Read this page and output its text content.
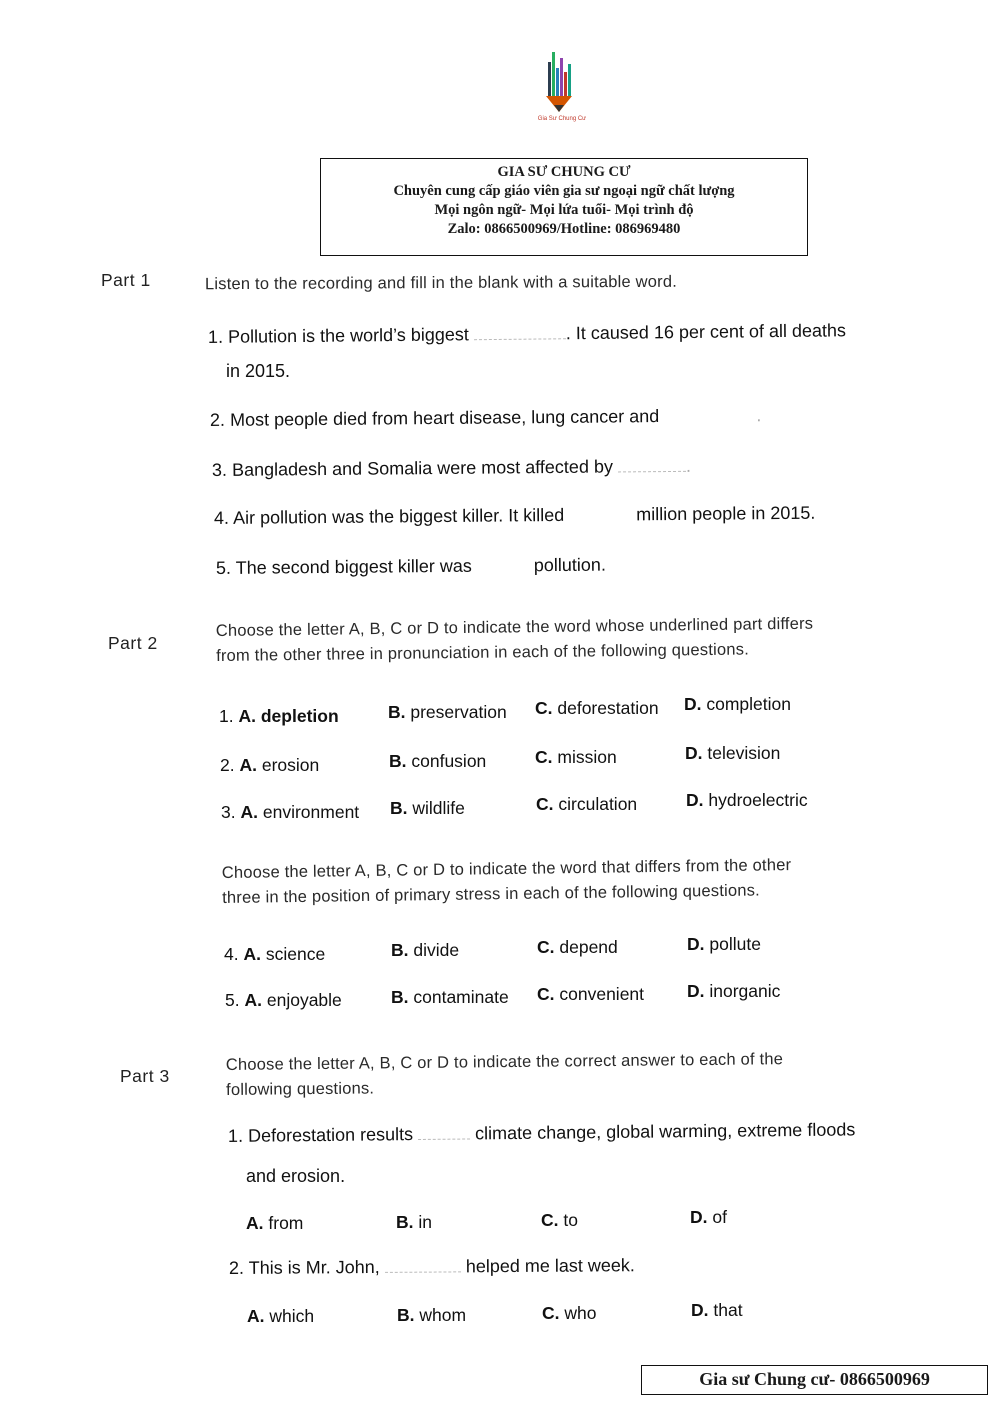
Gia Sư Chung Cư
GIA SƯ CHUNG CƯ
Chuyên cung cấp giáo viên gia sư ngoại ngữ chất lượng
Mọi ngôn ngữ- Mọi lứa tuổi- Mọi trình độ
Zalo: 0866500969/Hotline: 086969480
Part 1	Listen to the recording and fill in the blank with a suitable word.
1. Pollution is the world’s biggest	. It caused 16 per cent of all deaths
in 2015.
2. Most people died from heart disease, lung cancer and	.
3. Bangladesh and Somalia were most affected by	.
4. Air pollution was the biggest killer. It killed	million people in 2015.
5. The second biggest killer was	pollution.
Part 2
Choose the letter A, B, C or D to indicate the word whose underlined part differs
from the other three in pronunciation in each of the following questions.
1. A. depletion	B. preservation C. deforestation D. completion
2. A. erosion	B. confusion	C. mission	D. television
3. A. environment B. wildlife	C. circulation	D. hydroelectric
Choose the letter A, B, C or D to indicate the word that differs from the other
three in the position of primary stress in each of the following questions.
4. A. science	B. divide	C. depend	D. pollute
5. A. enjoyable	B. contaminate C. convenient D. inorganic
Part 3
Choose the letter A, B, C or D to indicate the correct answer to each of the
following questions.
1. Deforestation results	climate change, global warming, extreme floods
and erosion.
A. from	B. in	C. to	D. of
2. This is Mr. John,	helped me last week.
A. which	B. whom	C. who	D. that
Gia sư Chung cư- 0866500969
